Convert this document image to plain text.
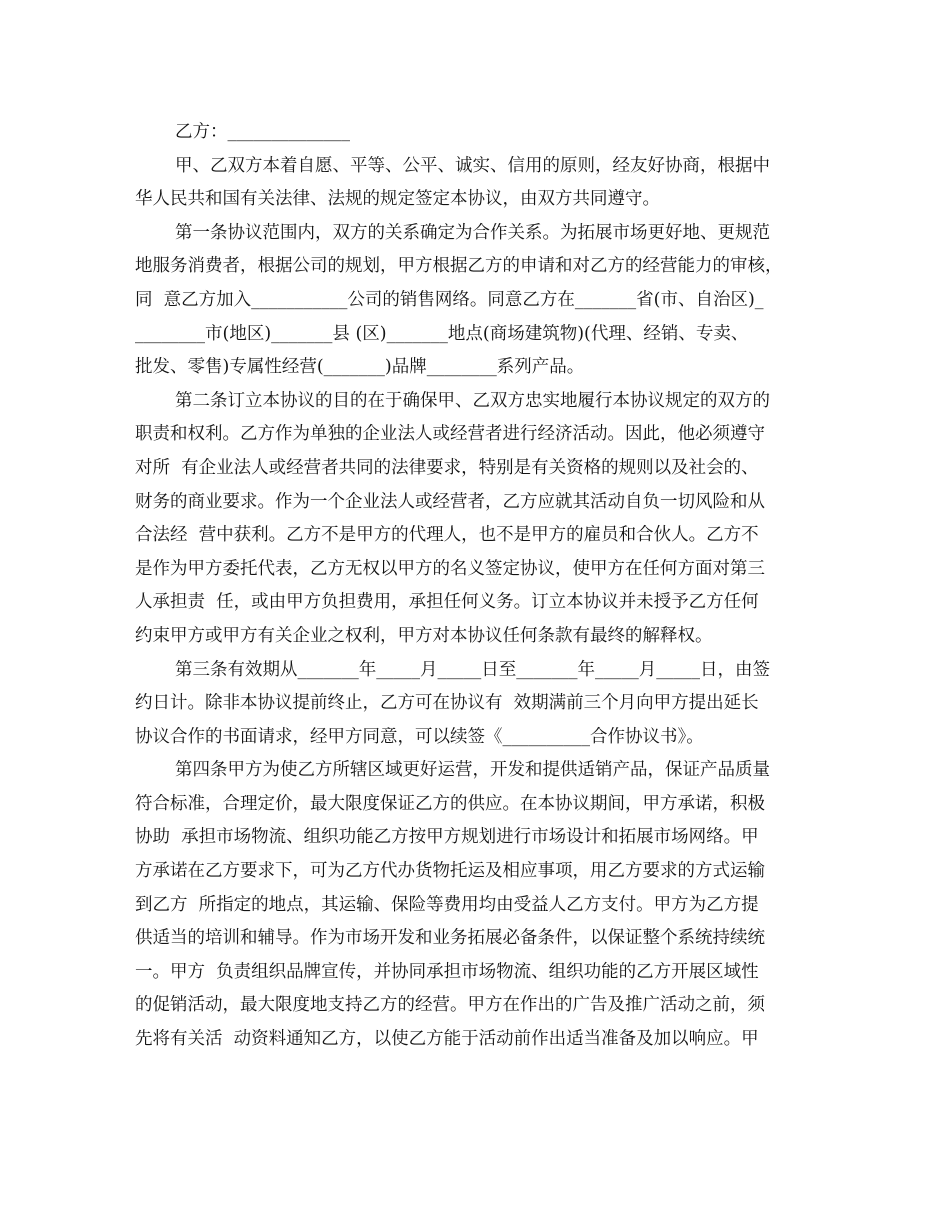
乙方：______________
甲、乙双方本着自愿、平等、公平、诚实、信用的原则，经友好协商，根据中
华人民共和国有关法律、法规的规定签定本协议，由双方共同遵守。
第一条协议范围内，双方的关系确定为合作关系。为拓展市场更好地、更规范
地服务消费者，根据公司的规划，甲方根据乙方的申请和对乙方的经营能力的审核，
同  意乙方加入___________公司的销售网络。同意乙方在_______省(市、自治区)_
________市(地区)_______县 (区)_______地点(商场建筑物)(代理、经销、专卖、
批发、零售)专属性经营(_______)品牌________系列产品。
第二条订立本协议的目的在于确保甲、乙双方忠实地履行本协议规定的双方的
职责和权利。乙方作为单独的企业法人或经营者进行经济活动。因此，他必须遵守
对所  有企业法人或经营者共同的法律要求，特别是有关资格的规则以及社会的、
财务的商业要求。作为一个企业法人或经营者，乙方应就其活动自负一切风险和从
合法经  营中获利。乙方不是甲方的代理人，也不是甲方的雇员和合伙人。乙方不
是作为甲方委托代表，乙方无权以甲方的名义签定协议，使甲方在任何方面对第三
人承担责  任，或由甲方负担费用，承担任何义务。订立本协议并未授予乙方任何
约束甲方或甲方有关企业之权利，甲方对本协议任何条款有最终的解释权。
第三条有效期从_______年_____月_____日至_______年_____月_____日，由签
约日计。除非本协议提前终止，乙方可在协议有  效期满前三个月向甲方提出延长
协议合作的书面请求，经甲方同意，可以续签《__________合作协议书》。
第四条甲方为使乙方所辖区域更好运营，开发和提供适销产品，保证产品质量
符合标准，合理定价，最大限度保证乙方的供应。在本协议期间，甲方承诺，积极
协助  承担市场物流、组织功能乙方按甲方规划进行市场设计和拓展市场网络。甲
方承诺在乙方要求下，可为乙方代办货物托运及相应事项，用乙方要求的方式运输
到乙方  所指定的地点，其运输、保险等费用均由受益人乙方支付。甲方为乙方提
供适当的培训和辅导。作为市场开发和业务拓展必备条件，以保证整个系统持续统
一。甲方  负责组织品牌宣传，并协同承担市场物流、组织功能的乙方开展区域性
的促销活动，最大限度地支持乙方的经营。甲方在作出的广告及推广活动之前，须
先将有关活  动资料通知乙方，以使乙方能于活动前作出适当准备及加以响应。甲
